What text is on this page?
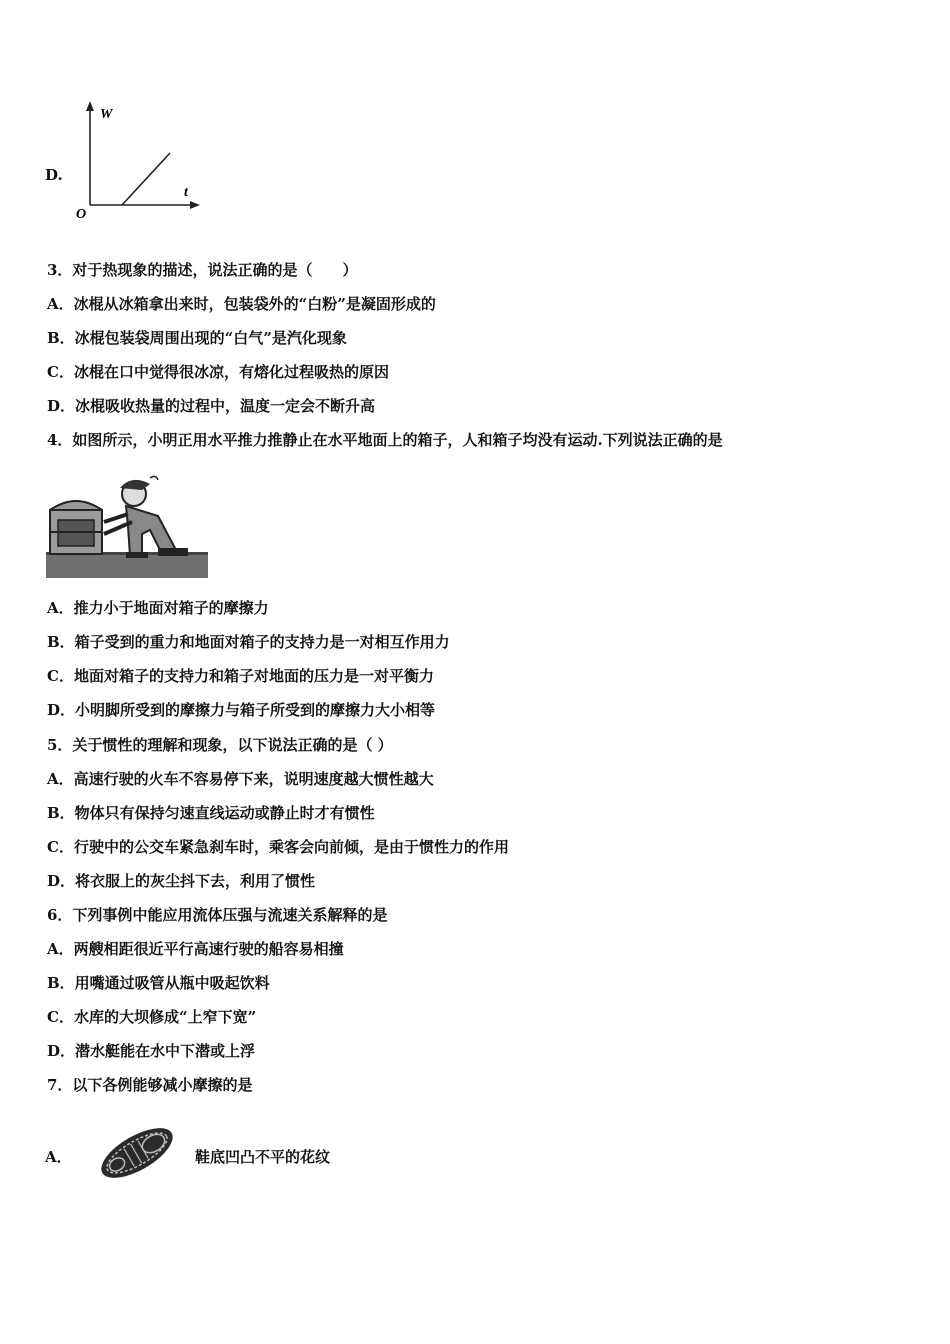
D.
W
t
O
3．对于热现象的描述，说法正确的是（　　）
A．冰棍从冰箱拿出来时，包装袋外的“白粉”是凝固形成的
B．冰棍包装袋周围出现的“白气”是汽化现象
C．冰棍在口中觉得很冰凉，有熔化过程吸热的原因
D．冰棍吸收热量的过程中，温度一定会不断升高
4．如图所示，小明正用水平推力推静止在水平地面上的箱子，人和箱子均没有运动.下列说法正确的是
A．推力小于地面对箱子的摩擦力
B．箱子受到的重力和地面对箱子的支持力是一对相互作用力
C．地面对箱子的支持力和箱子对地面的压力是一对平衡力
D．小明脚所受到的摩擦力与箱子所受到的摩擦力大小相等
5．关于惯性的理解和现象，以下说法正确的是（ ）
A．高速行驶的火车不容易停下来，说明速度越大惯性越大
B．物体只有保持匀速直线运动或静止时才有惯性
C．行驶中的公交车紧急刹车时，乘客会向前倾，是由于惯性力的作用
D．将衣服上的灰尘抖下去，利用了惯性
6．下列事例中能应用流体压强与流速关系解释的是
A．两艘相距很近平行高速行驶的船容易相撞
B．用嘴通过吸管从瓶中吸起饮料
C．水库的大坝修成“上窄下宽”
D．潜水艇能在水中下潜或上浮
7．以下各例能够减小摩擦的是
A．	鞋底凹凸不平的花纹
